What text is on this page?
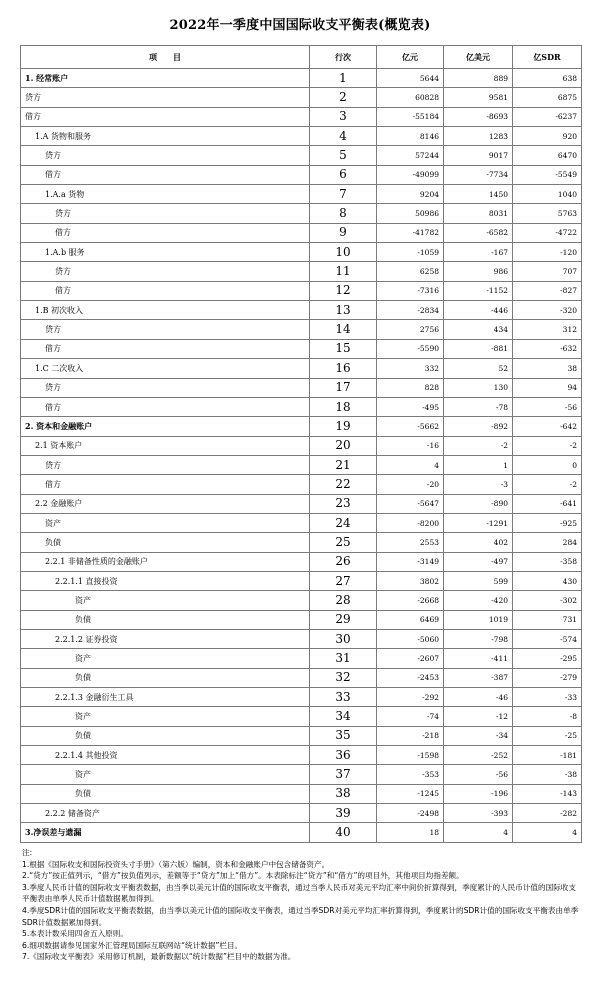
2022年一季度中国国际收支平衡表(概览表)
项　　目	行次	亿元	亿美元	亿SDR
1. 经常账户	1	5644	889	638
贷方	2	60828	9581	6875
借方	3	-55184	-8693	-6237
1.A 货物和服务	4	8146	1283	920
贷方	5	57244	9017	6470
借方	6	-49099	-7734	-5549
1.A.a 货物	7	9204	1450	1040
贷方	8	50986	8031	5763
借方	9	-41782	-6582	-4722
1.A.b 服务	10	-1059	-167	-120
贷方	11	6258	986	707
借方	12	-7316	-1152	-827
1.B 初次收入	13	-2834	-446	-320
贷方	14	2756	434	312
借方	15	-5590	-881	-632
1.C 二次收入	16	332	52	38
贷方	17	828	130	94
借方	18	-495	-78	-56
2. 资本和金融账户	19	-5662	-892	-642
2.1 资本账户	20	-16	-2	-2
贷方	21	4	1	0
借方	22	-20	-3	-2
2.2 金融账户	23	-5647	-890	-641
资产	24	-8200	-1291	-925
负债	25	2553	402	284
2.2.1 非储备性质的金融账户	26	-3149	-497	-358
2.2.1.1 直接投资	27	3802	599	430
资产	28	-2668	-420	-302
负债	29	6469	1019	731
2.2.1.2 证券投资	30	-5060	-798	-574
资产	31	-2607	-411	-295
负债	32	-2453	-387	-279
2.2.1.3 金融衍生工具	33	-292	-46	-33
资产	34	-74	-12	-8
负债	35	-218	-34	-25
2.2.1.4 其他投资	36	-1598	-252	-181
资产	37	-353	-56	-38
负债	38	-1245	-196	-143
2.2.2 储备资产	39	-2498	-393	-282
3.净误差与遗漏	40	18	4	4
注:
1.根据《国际收支和国际投资头寸手册》（第六版）编制，资本和金融账户中包含储备资产。
2.“贷方”按正值列示，“借方”按负值列示，差额等于“贷方”加上“借方”。本表除标注“贷方”和“借方”的项目外，其他项目均指差额。
3.季度人民币计值的国际收支平衡表数据，由当季以美元计值的国际收支平衡表，通过当季人民币对美元平均汇率中间价折算得到，季度累计的人民币计值的国际收支平衡表由单季人民币计值数据累加得到。
4.季度SDR计值的国际收支平衡表数据，由当季以美元计值的国际收支平衡表，通过当季SDR对美元平均汇率折算得到，季度累计的SDR计值的国际收支平衡表由单季SDR计值数据累加得到。
5.本表计数采用四舍五入原则。
6.细项数据请参见国家外汇管理局国际互联网站“统计数据”栏目。
7.《国际收支平衡表》采用修订机制，最新数据以“统计数据”栏目中的数据为准。
